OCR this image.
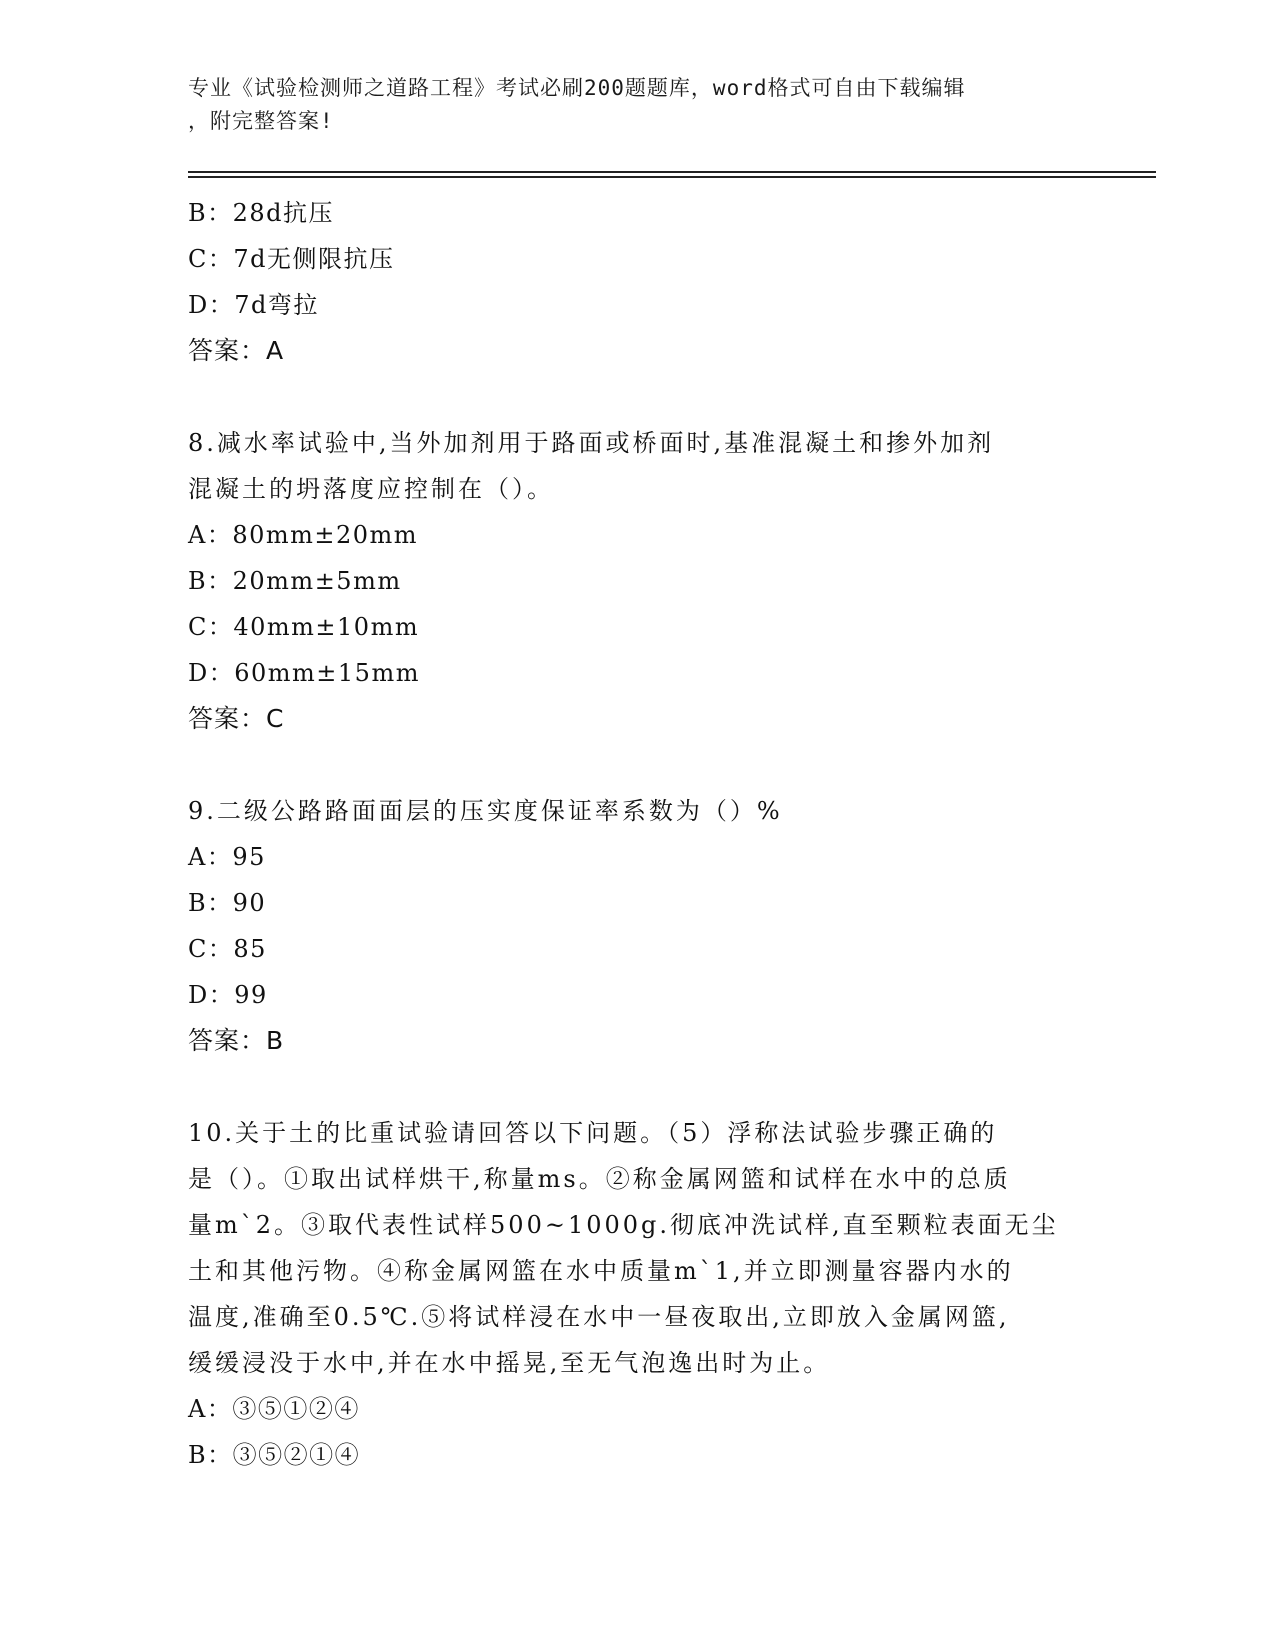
专业《试验检测师之道路工程》考试必刷200题题库，word格式可自由下载编辑
，附完整答案!
B：28d抗压
C：7d无侧限抗压
D：7d弯拉
答案：A
8.减水率试验中,当外加剂用于路面或桥面时,基准混凝土和掺外加剂
混凝土的坍落度应控制在（）。
A：80mm±20mm
B：20mm±5mm
C：40mm±10mm
D：60mm±15mm
答案：C
9.二级公路路面面层的压实度保证率系数为（）%
A：95
B：90
C：85
D：99
答案：B
10.关于土的比重试验请回答以下问题。（5）浮称法试验步骤正确的
是（）。①取出试样烘干,称量ms。②称金属网篮和试样在水中的总质
量m`2。③取代表性试样500~1000g.彻底冲洗试样,直至颗粒表面无尘
土和其他污物。④称金属网篮在水中质量m`1,并立即测量容器内水的
温度,准确至0.5℃.⑤将试样浸在水中一昼夜取出,立即放入金属网篮,
缓缓浸没于水中,并在水中摇晃,至无气泡逸出时为止。
A：③⑤①②④
B：③⑤②①④
